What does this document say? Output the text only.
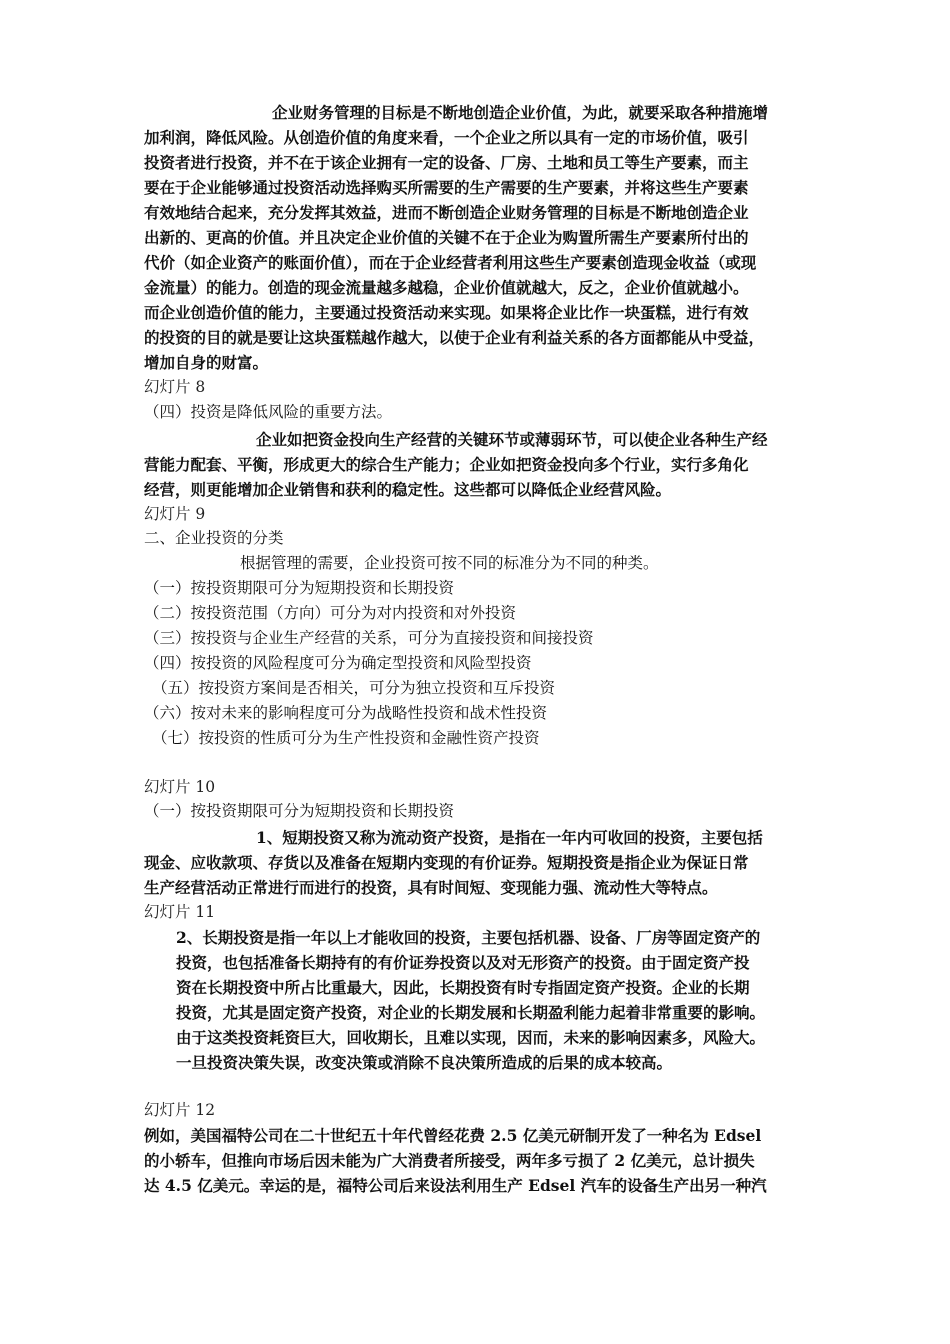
企业财务管理的目标是不断地创造企业价值，为此，就要采取各种措施增
加利润，降低风险。从创造价值的角度来看，一个企业之所以具有一定的市场价值，吸引
投资者进行投资，并不在于该企业拥有一定的设备、厂房、土地和员工等生产要素，而主
要在于企业能够通过投资活动选择购买所需要的生产需要的生产要素，并将这些生产要素
有效地结合起来，充分发挥其效益，进而不断创造企业财务管理的目标是不断地创造企业
出新的、更高的价值。并且决定企业价值的关键不在于企业为购置所需生产要素所付出的
代价（如企业资产的账面价值），而在于企业经营者利用这些生产要素创造现金收益（或现
金流量）的能力。创造的现金流量越多越稳，企业价值就越大，反之，企业价值就越小。
而企业创造价值的能力，主要通过投资活动来实现。如果将企业比作一块蛋糕，进行有效
的投资的目的就是要让这块蛋糕越作越大，以使于企业有利益关系的各方面都能从中受益，
增加自身的财富。
幻灯片 8
（四）投资是降低风险的重要方法。
企业如把资金投向生产经营的关键环节或薄弱环节，可以使企业各种生产经
营能力配套、平衡，形成更大的综合生产能力；企业如把资金投向多个行业，实行多角化
经营，则更能增加企业销售和获利的稳定性。这些都可以降低企业经营风险。
幻灯片 9
二、企业投资的分类
根据管理的需要，企业投资可按不同的标准分为不同的种类。
（一）按投资期限可分为短期投资和长期投资
（二）按投资范围（方向）可分为对内投资和对外投资
（三）按投资与企业生产经营的关系，可分为直接投资和间接投资
（四）按投资的风险程度可分为确定型投资和风险型投资
（五）按投资方案间是否相关，可分为独立投资和互斥投资
（六）按对未来的影响程度可分为战略性投资和战术性投资
（七）按投资的性质可分为生产性投资和金融性资产投资
幻灯片 10
（一）按投资期限可分为短期投资和长期投资
1、短期投资又称为流动资产投资，是指在一年内可收回的投资，主要包括
现金、应收款项、存货以及准备在短期内变现的有价证券。短期投资是指企业为保证日常
生产经营活动正常进行而进行的投资，具有时间短、变现能力强、流动性大等特点。
幻灯片 11
2、长期投资是指一年以上才能收回的投资，主要包括机器、设备、厂房等固定资产的
投资，也包括准备长期持有的有价证券投资以及对无形资产的投资。由于固定资产投
资在长期投资中所占比重最大，因此，长期投资有时专指固定资产投资。企业的长期
投资，尤其是固定资产投资，对企业的长期发展和长期盈利能力起着非常重要的影响。
由于这类投资耗资巨大，回收期长，且难以实现，因而，未来的影响因素多，风险大。
一旦投资决策失误，改变决策或消除不良决策所造成的后果的成本较高。
幻灯片 12
例如，美国福特公司在二十世纪五十年代曾经花费 2.5 亿美元研制开发了一种名为 Edsel
的小轿车，但推向市场后因未能为广大消费者所接受，两年多亏损了 2 亿美元，总计损失
达 4.5 亿美元。幸运的是，福特公司后来设法利用生产 Edsel 汽车的设备生产出另一种汽
